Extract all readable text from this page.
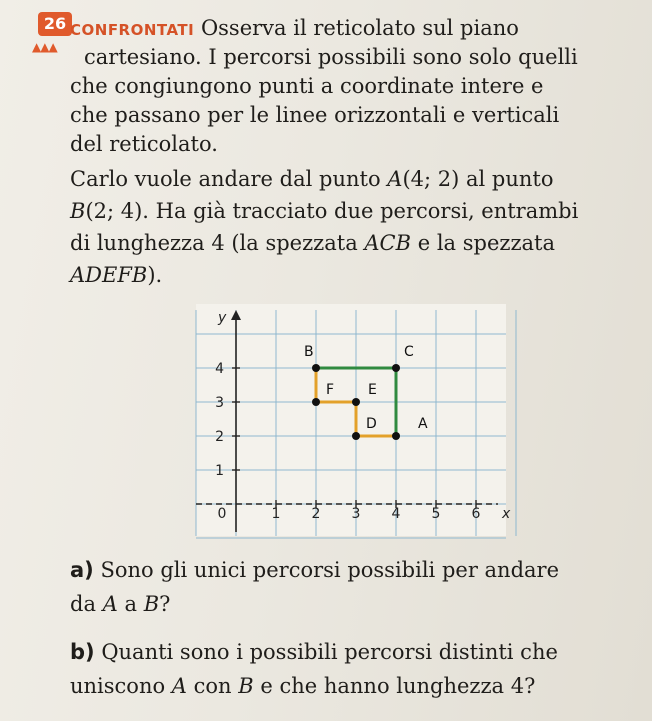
26
▲▲▲
CONFRONTATI Osserva il reticolato sul piano
cartesiano. I percorsi possibili sono solo quelli
che congiungono punti a coordinate intere e
che passano per le linee orizzontali e verticali
del reticolato.
Carlo vuole andare dal punto A(4; 2) al punto
B(2; 4). Ha già tracciato due percorsi, entrambi
di lunghezza 4 (la spezzata ACB e la spezzata
ADEFB).
1 2 3 4 5 6
1
2
3
4
0	x
y
A
B	C
D
E
F
a) Sono gli unici percorsi possibili per andare
da A a B?
b) Quanti sono i possibili percorsi distinti che
uniscono A con B e che hanno lunghezza 4?
